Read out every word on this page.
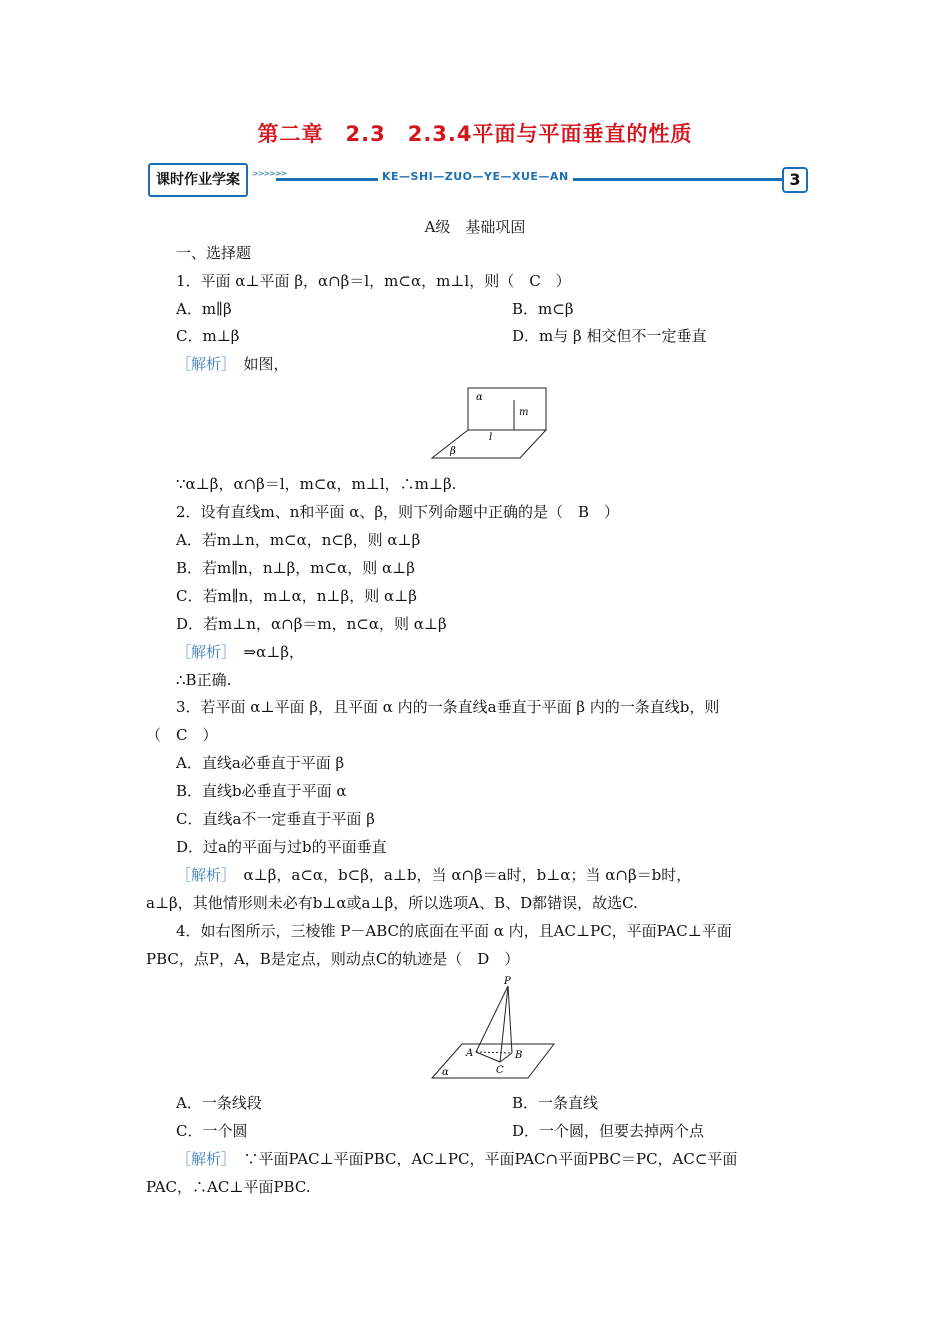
第二章　2.3　2.3.4平面与平面垂直的性质
课时作业学案	>>>>>>	KE—SHI—ZUO—YE—XUE—AN	3
A级　基础巩固
一、选择题
1．平面 α⊥平面 β，α∩β＝l，m⊂α，m⊥l，则（　C　）
A．m∥β	B．m⊂β
C．m⊥β	D．m与 β 相交但不一定垂直
［解析］　如图，
α
m
l
β
∵α⊥β，α∩β＝l，m⊂α，m⊥l，∴m⊥β.
2．设有直线m、n和平面 α、β，则下列命题中正确的是（　B　）
A．若m⊥n，m⊂α，n⊂β，则 α⊥β
B．若m∥n，n⊥β，m⊂α，则 α⊥β
C．若m∥n，m⊥α，n⊥β，则 α⊥β
D．若m⊥n，α∩β＝m，n⊂α，则 α⊥β
［解析］　⇒α⊥β，
∴B正确.
3．若平面 α⊥平面 β，且平面 α 内的一条直线a垂直于平面 β 内的一条直线b，则
（　C　）
A．直线a必垂直于平面 β
B．直线b必垂直于平面 α
C．直线a不一定垂直于平面 β
D．过a的平面与过b的平面垂直
［解析］　α⊥β，a⊂α，b⊂β，a⊥b，当 α∩β＝a时，b⊥α；当 α∩β＝b时，
a⊥β，其他情形则未必有b⊥α或a⊥β，所以选项A、B、D都错误，故选C.
4．如右图所示，三棱锥 P－ABC的底面在平面 α 内，且AC⊥PC，平面PAC⊥平面
PBC，点P，A，B是定点，则动点C的轨迹是（　D　）
P
A	B
C
α
A．一条线段	B．一条直线
C．一个圆	D．一个圆，但要去掉两个点
［解析］　∵平面PAC⊥平面PBC，AC⊥PC，平面PAC∩平面PBC＝PC，AC⊂平面
PAC，∴AC⊥平面PBC.
